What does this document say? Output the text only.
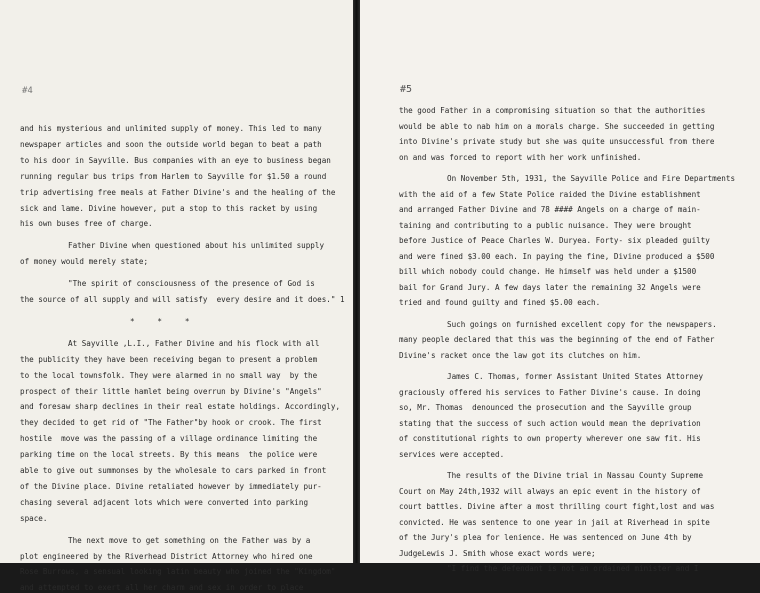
#4
and his mysterious and unlimited supply of money. This led to many
newspaper articles and soon the outside world began to beat a path
to his door in Sayville. Bus companies with an eye to business began
running regular bus trips from Harlem to Sayville for $1.50 a round
trip advertising free meals at Father Divine's and the healing of the
sick and lame. Divine however, put a stop to this racket by using
his own buses free of charge.
Father Divine when questioned about his unlimited supply
of money would merely state;
"The spirit of consciousness of the presence of God is
the source of all supply and will satisfy  every desire and it does." 1
*     *     *
At Sayville ,L.I., Father Divine and his flock with all
the publicity they have been receiving began to present a problem
to the local townsfolk. They were alarmed in no small way  by the
prospect of their little hamlet being overrun by Divine's "Angels"
and foresaw sharp declines in their real estate holdings. Accordingly,
they decided to get rid of "The Father"by hook or crook. The first
hostile  move was the passing of a village ordinance limiting the
parking time on the local streets. By this means  the police were
able to give out summonses by the wholesale to cars parked in front
of the Divine place. Divine retaliated however by immediately pur-
chasing several adjacent lots which were converted into parking
space.
The next move to get something on the Father was by a
plot engineered by the Riverhead District Attorney who hired one
Rose Burrows, a sensual looking latin beauty who joined the "Kingdom"
and attempted to exert all her charm and sex in order to place
#5
the good Father in a compromising situation so that the authorities
would be able to nab him on a morals charge. She succeeded in getting
into Divine's private study but she was quite unsuccessful from there
on and was forced to report with her work unfinished.
On November 5th, 1931, the Sayville Police and Fire Departments
with the aid of a few State Police raided the Divine establishment
and arranged Father Divine and 78 #### Angels on a charge of main-
taining and contributing to a public nuisance. They were brought
before Justice of Peace Charles W. Duryea. Forty- six pleaded guilty
and were fined $3.00 each. In paying the fine, Divine produced a $500
bill which nobody could change. He himself was held under a $1500
bail for Grand Jury. A few days later the remaining 32 Angels were
tried and found guilty and fined $5.00 each.
Such goings on furnished excellent copy for the newspapers.
many people declared that this was the beginning of the end of Father
Divine's racket once the law got its clutches on him.
James C. Thomas, former Assistant United States Attorney
graciously offered his services to Father Divine's cause. In doing
so, Mr. Thomas  denounced the prosecution and the Sayville group
stating that the success of such action would mean the deprivation
of constitutional rights to own property wherever one saw fit. His
services were accepted.
The results of the Divine trial in Nassau County Supreme
Court on May 24th,1932 will always an epic event in the history of
court battles. Divine after a most thrilling court fight,lost and was
convicted. He was sentence to one year in jail at Riverhead in spite
of the Jury's plea for lenience. He was sentenced on June 4th by
JudgeLewis J. Smith whose exact words were;
"I find the defendant is not an ordained minister and I
